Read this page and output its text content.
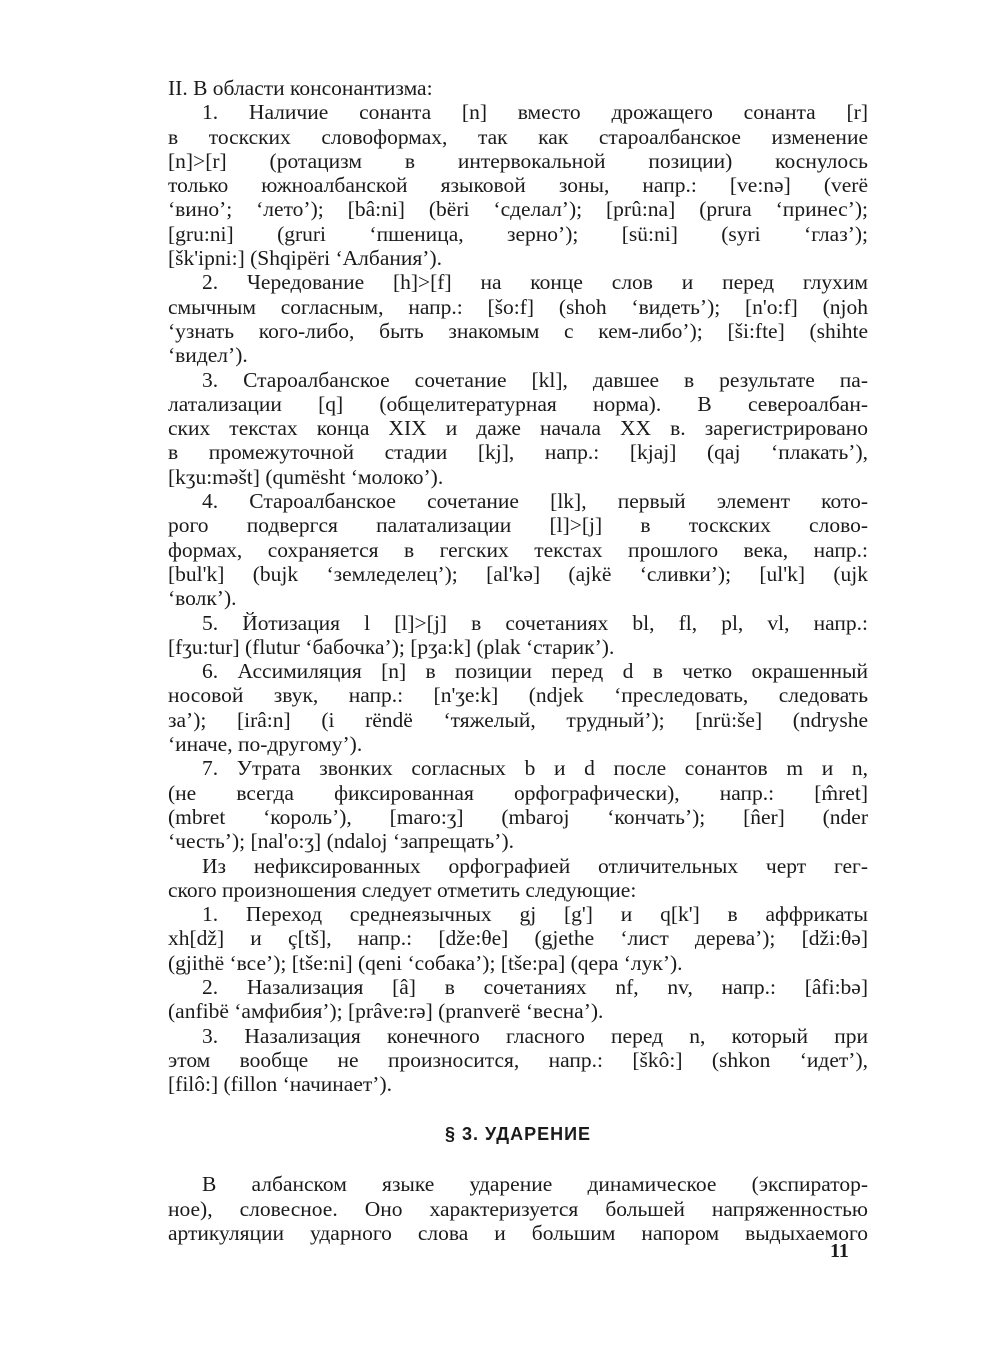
II. В области консонантизма:
1. Наличие сонанта [n] вместо дрожащего сонанта [r]
в тоскских словоформах, так как староалбанское изменение
[n]>[r] (ротацизм в интервокальной позиции) коснулось
только южноалбанской языковой зоны, напр.: [ve:nə] (verë
‘вино’; ‘лето’); [bâ:ni] (bëri ‘сделал’); [prû:na] (prura ‘принес’);
[gru:ni] (gruri ‘пшеница, зерно’); [sü:ni] (syri ‘глаз’);
[šk'ipni:] (Shqipëri ‘Албания’).
2. Чередование [h]>[f] на конце слов и перед глухим
смычным согласным, напр.: [šo:f] (shoh ‘видеть’); [n'o:f] (njoh
‘узнать кого-либо, быть знакомым с кем-либо’); [ši:fte] (shihte
‘видел’).
3. Староалбанское сочетание [kl], давшее в результате па-
латализации [q] (общелитературная норма). В североалбан-
ских текстах конца XIX и даже начала XX в. зарегистрировано
в промежуточной стадии [kj], напр.: [kjaj] (qaj ‘плакать’),
[kʒu:məšt] (qumësht ‘молоко’).
4. Староалбанское сочетание [lk], первый элемент кото-
рого подвергся палатализации [l]>[j] в тоскских слово-
формах, сохраняется в гегских текстах прошлого века, напр.:
[bul'k] (bujk ‘земледелец’); [al'kə] (ajkë ‘сливки’); [ul'k] (ujk
‘волк’).
5. Йотизация l [l]>[j] в сочетаниях bl, fl, pl, vl, напр.:
[fʒu:tur] (flutur ‘бабочка’); [pʒa:k] (plak ‘старик’).
6. Ассимиляция [n] в позиции перед d в четко окрашенный
носовой звук, напр.: [n'ʒe:k] (ndjek ‘преследовать, следовать
за’); [irâ:n] (i rëndë ‘тяжелый, трудный’); [nrü:še] (ndryshe
‘иначе, по-другому’).
7. Утрата звонких согласных b и d после сонантов m и n,
(не всегда фиксированная орфографически), напр.: [m̂ret]
(mbret ‘король’), [maro:ʒ] (mbaroj ‘кончать’); [n̂er] (nder
‘честь’); [nal'o:ʒ] (ndaloj ‘запрещать’).
Из нефиксированных орфографией отличительных черт гег-
ского произношения следует отметить следующие:
1. Переход среднеязычных gj [g'] и q[k'] в аффрикаты
xh[dž] и ç[tš], напр.: [dže:θe] (gjethe ‘лист дерева’); [dži:θə]
(gjithë ‘все’); [tše:ni] (qeni ‘собака’); [tše:pa] (qepa ‘лук’).
2. Назализация [â] в сочетаниях nf, nv, напр.: [âfi:bə]
(anfibë ‘амфибия’); [prâve:rə] (pranverë ‘весна’).
3. Назализация конечного гласного перед n, который при
этом вообще не произносится, напр.: [škô:] (shkon ‘идет’),
[filô:] (fillon ‘начинает’).
§ 3. УДАРЕНИЕ
В албанском языке ударение динамическое (экспиратор-
ное), словесное. Оно характеризуется большей напряженностью
артикуляции ударного слова и большим напором выдыхаемого
11
